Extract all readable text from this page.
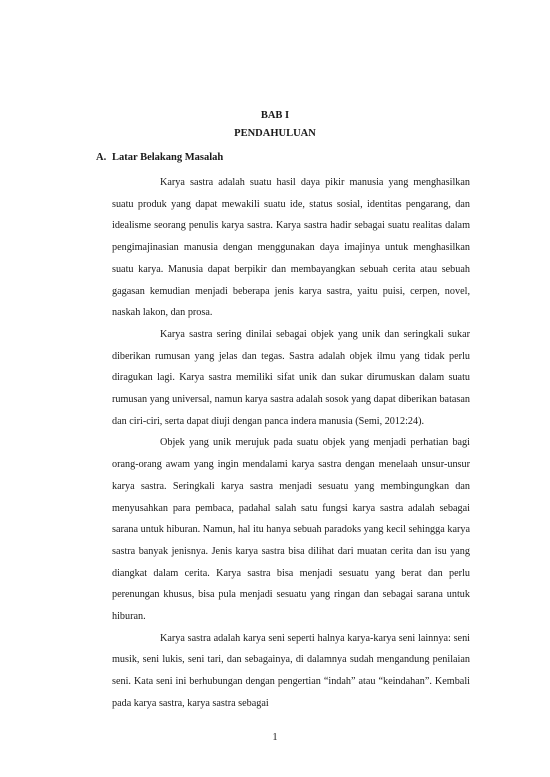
BAB I
PENDAHULUAN
A. Latar Belakang Masalah

Karya sastra adalah suatu hasil daya pikir manusia yang menghasilkan suatu produk yang dapat mewakili suatu ide, status sosial, identitas pengarang, dan idealisme seorang penulis karya sastra. Karya sastra hadir sebagai suatu realitas dalam pengimajinasian manusia dengan menggunakan daya imajinya untuk menghasilkan suatu karya. Manusia dapat berpikir dan membayangkan sebuah cerita atau sebuah gagasan kemudian menjadi beberapa jenis karya sastra, yaitu puisi, cerpen, novel, naskah lakon, dan prosa.

Karya sastra sering dinilai sebagai objek yang unik dan seringkali sukar diberikan rumusan yang jelas dan tegas. Sastra adalah objek ilmu yang tidak perlu diragukan lagi. Karya sastra memiliki sifat unik dan sukar dirumuskan dalam suatu rumusan yang universal, namun karya sastra adalah sosok yang dapat diberikan batasan dan ciri-ciri, serta dapat diuji dengan panca indera manusia (Semi, 2012:24).

Objek yang unik merujuk pada suatu objek yang menjadi perhatian bagi orang-orang awam yang ingin mendalami karya sastra dengan menelaah unsur-unsur karya sastra. Seringkali karya sastra menjadi sesuatu yang membingungkan dan menyusahkan para pembaca, padahal salah satu fungsi karya sastra adalah sebagai sarana untuk hiburan. Namun, hal itu hanya sebuah paradoks yang kecil sehingga karya sastra banyak jenisnya. Jenis karya sastra bisa dilihat dari muatan cerita dan isu yang diangkat dalam cerita. Karya sastra bisa menjadi sesuatu yang berat dan perlu perenungan khusus, bisa pula menjadi sesuatu yang ringan dan sebagai sarana untuk hiburan.

Karya sastra adalah karya seni seperti halnya karya-karya seni lainnya: seni musik, seni lukis, seni tari, dan sebagainya, di dalamnya sudah mengandung penilaian seni. Kata seni ini berhubungan dengan pengertian “indah” atau “keindahan”. Kembali pada karya sastra, karya sastra sebagai

1
